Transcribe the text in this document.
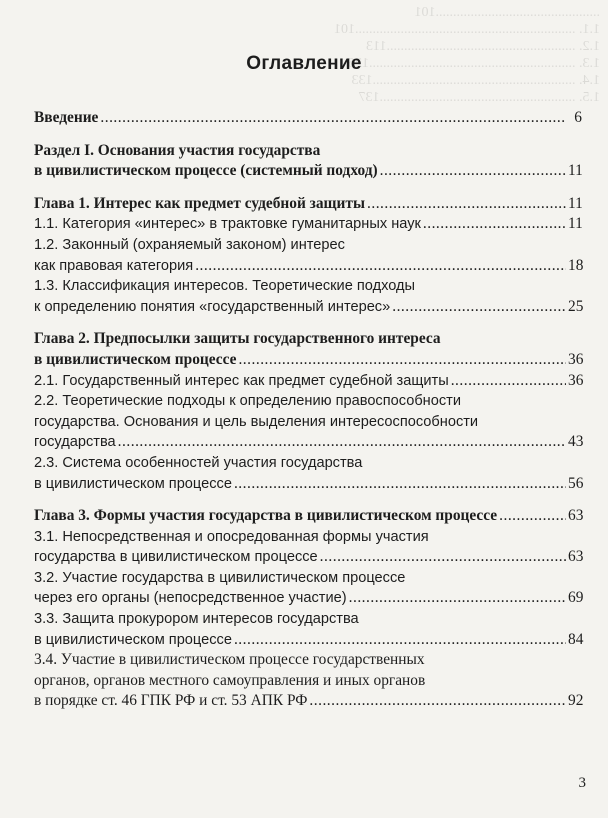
...............................................101
1.1. ...............................................................101
1.2. ......................................................113
1.3. ...........................................................126
1.4. ..........................................................133
1.5. ........................................................137
Оглавление
Введение .....	6
Раздел I. Основания участия государства
в цивилистическом процессе (системный подход) .....	11
Глава 1. Интерес как предмет судебной защиты .....	11
1.1. Категория «интерес» в трактовке гуманитарных наук .....	11
1.2. Законный (охраняемый законом) интерес
как правовая категория .....	18
1.3. Классификация интересов. Теоретические подходы
к определению понятия «государственный интерес» .....	25
Глава 2. Предпосылки защиты государственного интереса
в цивилистическом процессе .....	36
2.1. Государственный интерес как предмет судебной защиты .....	36
2.2. Теоретические подходы к определению правоспособности
государства. Основания и цель выделения интересоспособности
государства .....	43
2.3. Система особенностей участия государства
в цивилистическом процессе .....	56
Глава 3. Формы участия государства в цивилистическом процессе .....	63
3.1. Непосредственная и опосредованная формы участия
государства в цивилистическом процессе .....	63
3.2. Участие государства в цивилистическом процессе
через его органы (непосредственное участие) .....	69
3.3. Защита прокурором интересов государства
в цивилистическом процессе .....	84
3.4. Участие в цивилистическом процессе государственных
органов, органов местного самоуправления и иных органов
в порядке ст. 46 ГПК РФ и ст. 53 АПК РФ .....	92
3
